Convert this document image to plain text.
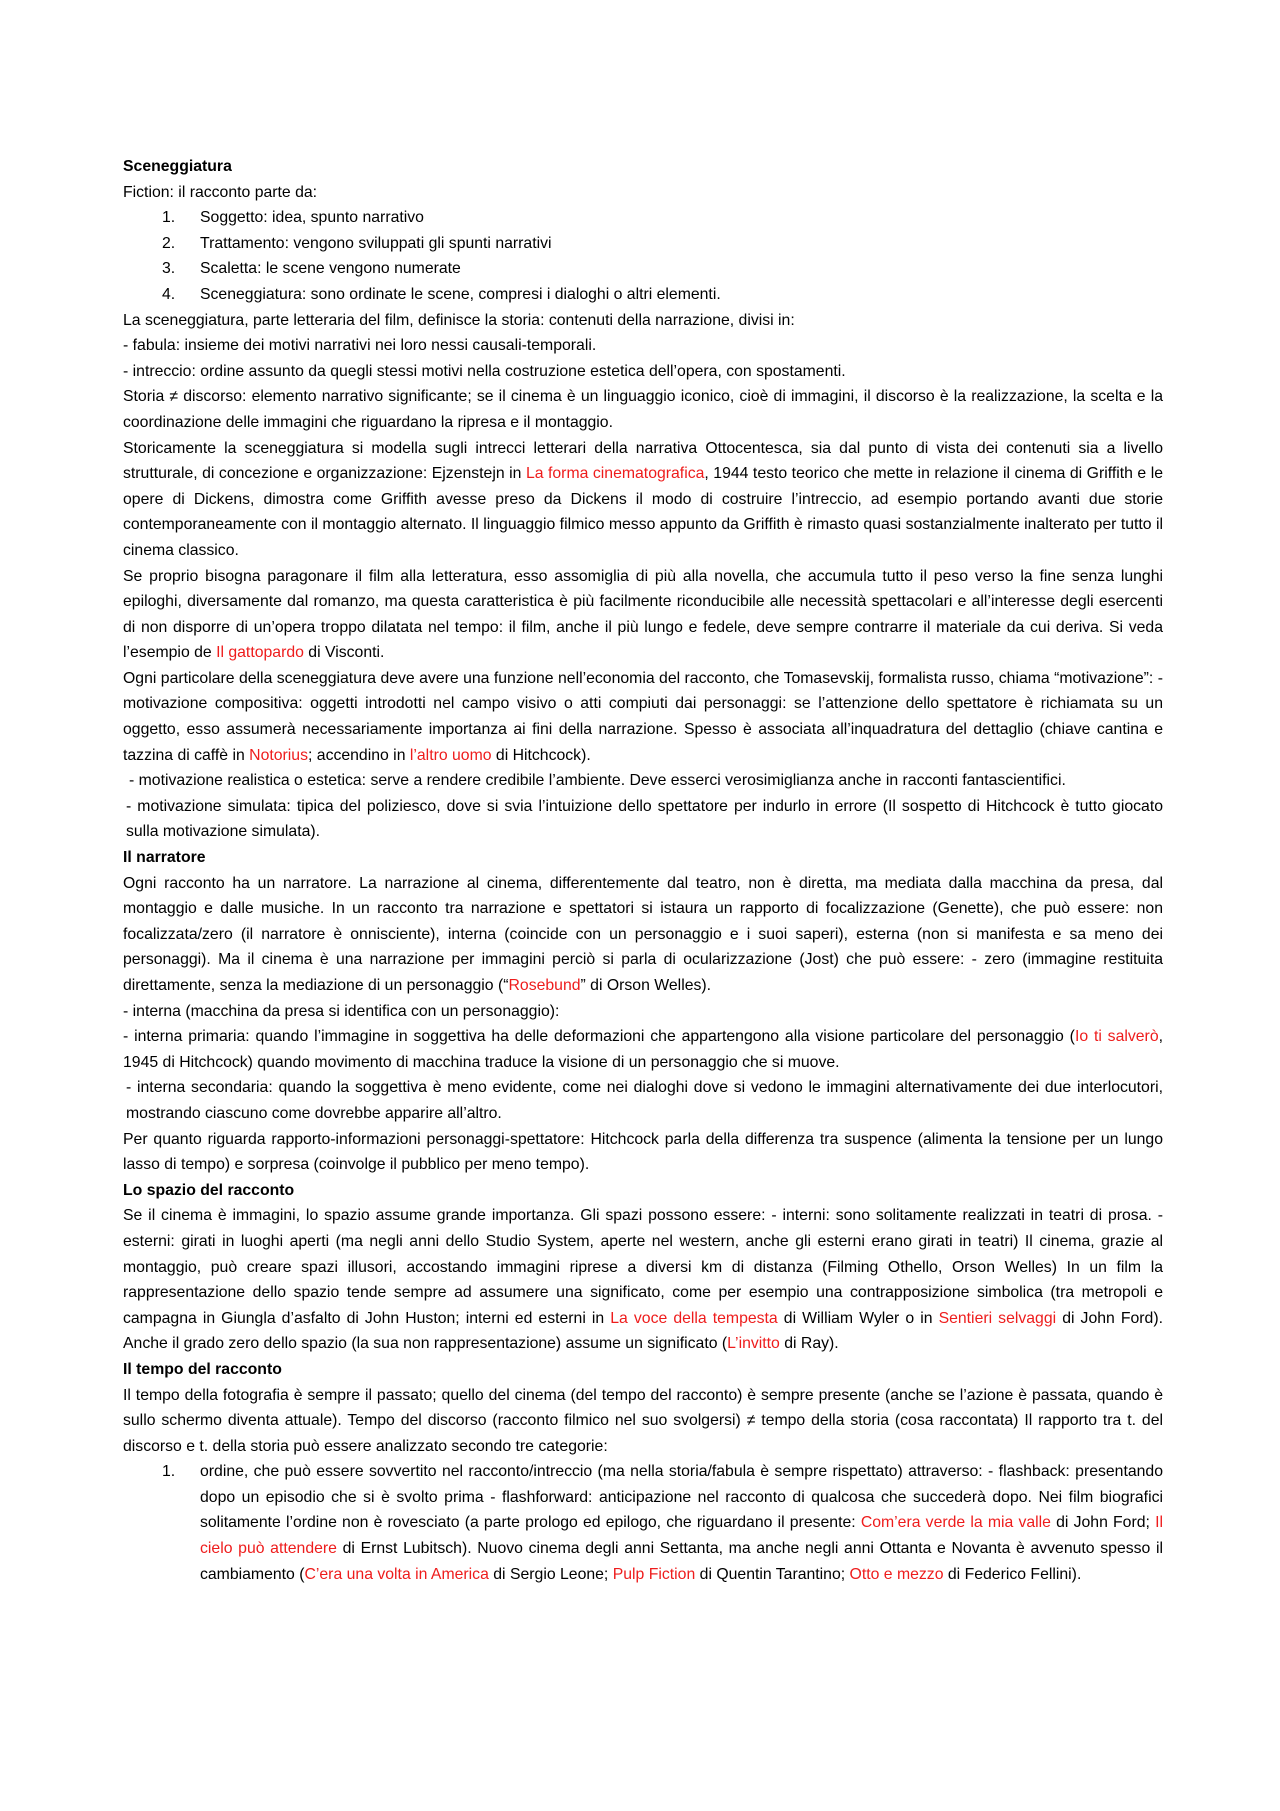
Sceneggiatura

Fiction: il racconto parte da:

1. Soggetto: idea, spunto narrativo
2. Trattamento: vengono sviluppati gli spunti narrativi
3. Scaletta: le scene vengono numerate
4. Sceneggiatura: sono ordinate le scene, compresi i dialoghi o altri elementi.

La sceneggiatura, parte letteraria del film, definisce la storia: contenuti della narrazione, divisi in:

- fabula: insieme dei motivi narrativi nei loro nessi causali-temporali.

- intreccio: ordine assunto da quegli stessi motivi nella costruzione estetica dell’opera, con spostamenti.

Storia ≠ discorso: elemento narrativo significante; se il cinema è un linguaggio iconico, cioè di immagini, il discorso è la realizzazione, la scelta e la coordinazione delle immagini che riguardano la ripresa e il montaggio.

Storicamente la sceneggiatura si modella sugli intrecci letterari della narrativa Ottocentesca, sia dal punto di vista dei contenuti sia a livello strutturale, di concezione e organizzazione: Ejzenstejn in La forma cinematografica, 1944 testo teorico che mette in relazione il cinema di Griffith e le opere di Dickens, dimostra come Griffith avesse preso da Dickens il modo di costruire l’intreccio, ad esempio portando avanti due storie contemporaneamente con il montaggio alternato. Il linguaggio filmico messo appunto da Griffith è rimasto quasi sostanzialmente inalterato per tutto il cinema classico.

Se proprio bisogna paragonare il film alla letteratura, esso assomiglia di più alla novella, che accumula tutto il peso verso la fine senza lunghi epiloghi, diversamente dal romanzo, ma questa caratteristica è più facilmente riconducibile alle necessità spettacolari e all’interesse degli esercenti di non disporre di un’opera troppo dilatata nel tempo: il film, anche il più lungo e fedele, deve sempre contrarre il materiale da cui deriva. Si veda l’esempio de Il gattopardo di Visconti.

Ogni particolare della sceneggiatura deve avere una funzione nell’economia del racconto, che Tomasevskij, formalista russo, chiama “motivazione”: - motivazione compositiva: oggetti introdotti nel campo visivo o atti compiuti dai personaggi: se l’attenzione dello spettatore è richiamata su un oggetto, esso assumerà necessariamente importanza ai fini della narrazione. Spesso è associata all’inquadratura del dettaglio (chiave cantina e tazzina di caffè in Notorius; accendino in l’altro uomo di Hitchcock).

- motivazione realistica o estetica: serve a rendere credibile l’ambiente. Deve esserci verosimiglianza anche in racconti fantascientifici.

- motivazione simulata: tipica del poliziesco, dove si svia l’intuizione dello spettatore per indurlo in errore (Il sospetto di Hitchcock è tutto giocato sulla motivazione simulata).

Il narratore

Ogni racconto ha un narratore. La narrazione al cinema, differentemente dal teatro, non è diretta, ma mediata dalla macchina da presa, dal montaggio e dalle musiche. In un racconto tra narrazione e spettatori si istaura un rapporto di focalizzazione (Genette), che può essere: non focalizzata/zero (il narratore è onnisciente), interna (coincide con un personaggio e i suoi saperi), esterna (non si manifesta e sa meno dei personaggi). Ma il cinema è una narrazione per immagini perciò si parla di ocularizzazione (Jost) che può essere: - zero (immagine restituita direttamente, senza la mediazione di un personaggio (“Rosebund” di Orson Welles).

- interna (macchina da presa si identifica con un personaggio):

- interna primaria: quando l’immagine in soggettiva ha delle deformazioni che appartengono alla visione particolare del personaggio (Io ti salverò, 1945 di Hitchcock) quando movimento di macchina traduce la visione di un personaggio che si muove.

- interna secondaria: quando la soggettiva è meno evidente, come nei dialoghi dove si vedono le immagini alternativamente dei due interlocutori, mostrando ciascuno come dovrebbe apparire all’altro.

Per quanto riguarda rapporto-informazioni personaggi-spettatore: Hitchcock parla della differenza tra suspence (alimenta la tensione per un lungo lasso di tempo) e sorpresa (coinvolge il pubblico per meno tempo).

Lo spazio del racconto

Se il cinema è immagini, lo spazio assume grande importanza. Gli spazi possono essere: - interni: sono solitamente realizzati in teatri di prosa. - esterni: girati in luoghi aperti (ma negli anni dello Studio System, aperte nel western, anche gli esterni erano girati in teatri) Il cinema, grazie al montaggio, può creare spazi illusori, accostando immagini riprese a diversi km di distanza (Filming Othello, Orson Welles) In un film la rappresentazione dello spazio tende sempre ad assumere una significato, come per esempio una contrapposizione simbolica (tra metropoli e campagna in Giungla d’asfalto di John Huston; interni ed esterni in La voce della tempesta di William Wyler o in Sentieri selvaggi di John Ford). Anche il grado zero dello spazio (la sua non rappresentazione) assume un significato (L’invitto di Ray).

Il tempo del racconto

Il tempo della fotografia è sempre il passato; quello del cinema (del tempo del racconto) è sempre presente (anche se l’azione è passata, quando è sullo schermo diventa attuale). Tempo del discorso (racconto filmico nel suo svolgersi) ≠ tempo della storia (cosa raccontata) Il rapporto tra t. del discorso e t. della storia può essere analizzato secondo tre categorie:

1. ordine, che può essere sovvertito nel racconto/intreccio (ma nella storia/fabula è sempre rispettato) attraverso: - flashback: presentando dopo un episodio che si è svolto prima - flashforward: anticipazione nel racconto di qualcosa che succederà dopo. Nei film biografici solitamente l’ordine non è rovesciato (a parte prologo ed epilogo, che riguardano il presente: Com’era verde la mia valle di John Ford; Il cielo può attendere di Ernst Lubitsch). Nuovo cinema degli anni Settanta, ma anche negli anni Ottanta e Novanta è avvenuto spesso il cambiamento (C’era una volta in America di Sergio Leone; Pulp Fiction di Quentin Tarantino; Otto e mezzo di Federico Fellini).
